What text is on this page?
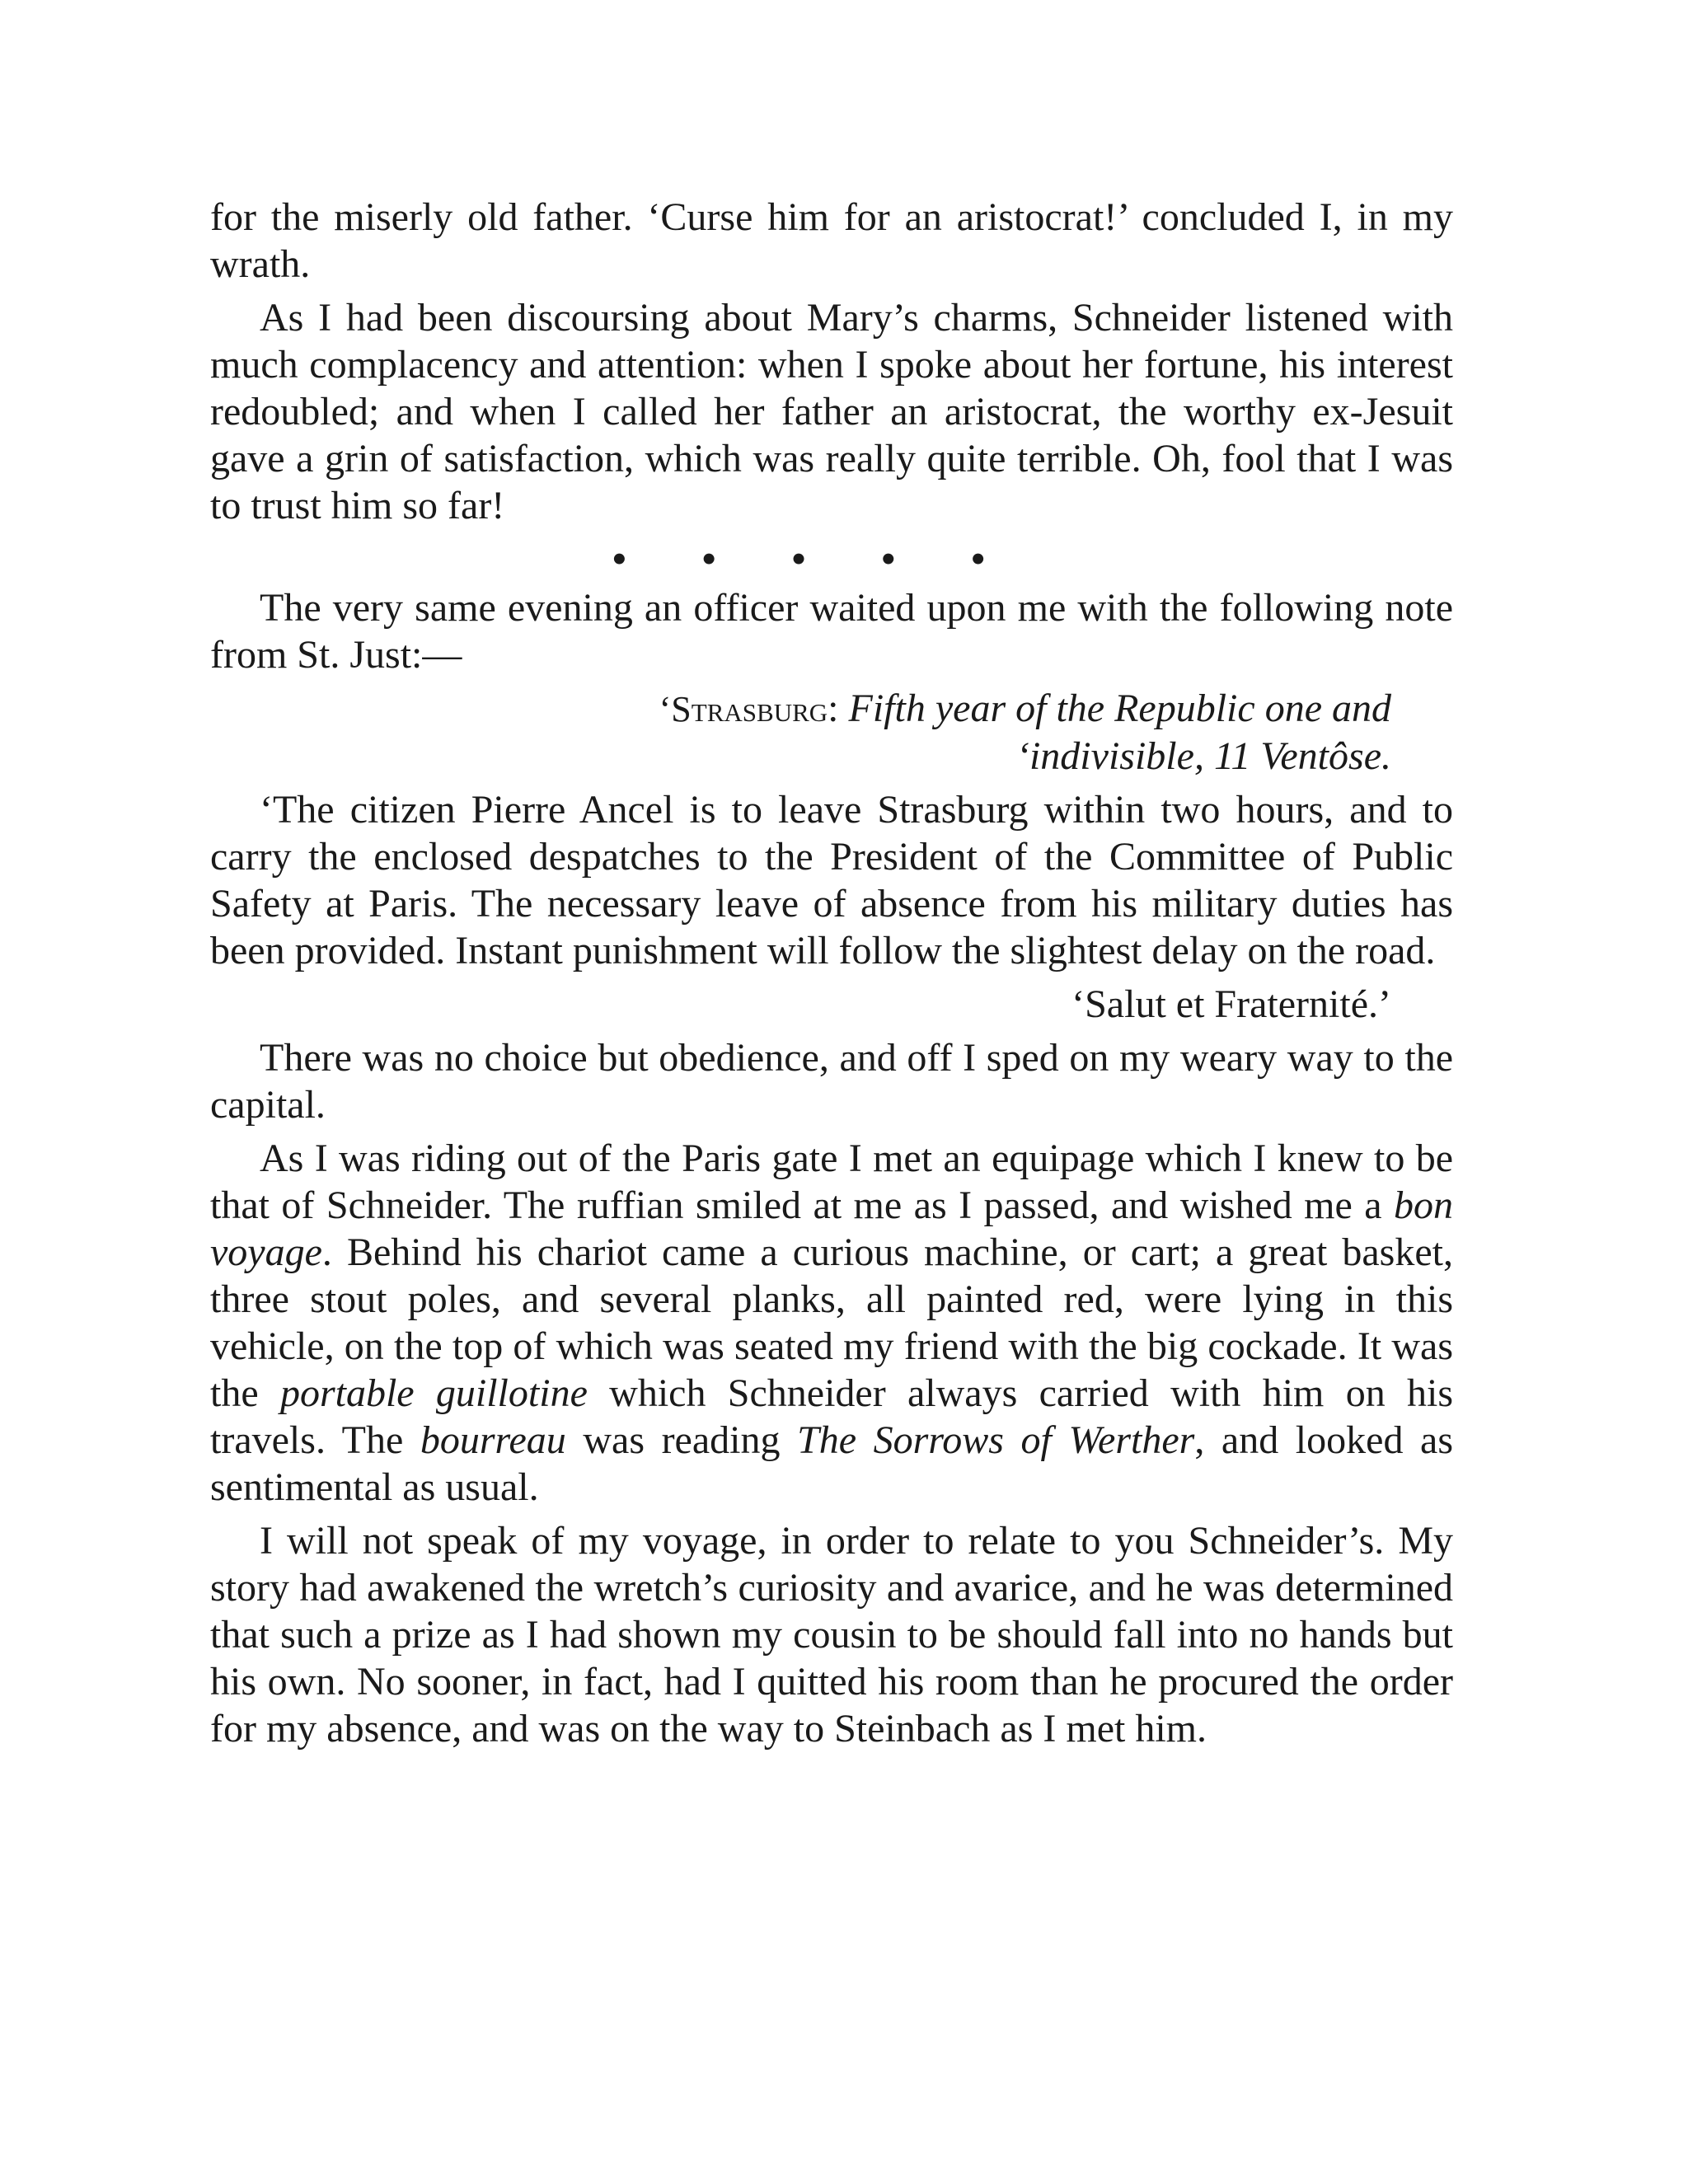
for the miserly old father. ‘Curse him for an aristocrat!’ concluded I, in my wrath.

As I had been discoursing about Mary’s charms, Schneider listened with much complacency and attention: when I spoke about her fortune, his interest redoubled; and when I called her father an aristocrat, the worthy ex-Jesuit gave a grin of satisfaction, which was really quite terrible. Oh, fool that I was to trust him so far!

• • • • •

The very same evening an officer waited upon me with the following note from St. Just:—

‘Strasburg: Fifth year of the Republic one and
‘indivisible, 11 Ventôse.

‘The citizen Pierre Ancel is to leave Strasburg within two hours, and to carry the enclosed despatches to the President of the Committee of Public Safety at Paris. The necessary leave of absence from his military duties has been provided. Instant punishment will follow the slightest delay on the road.

‘Salut et Fraternité.’

There was no choice but obedience, and off I sped on my weary way to the capital.

As I was riding out of the Paris gate I met an equipage which I knew to be that of Schneider. The ruffian smiled at me as I passed, and wished me a bon voyage. Behind his chariot came a curious machine, or cart; a great basket, three stout poles, and several planks, all painted red, were lying in this vehicle, on the top of which was seated my friend with the big cockade. It was the portable guillotine which Schneider always carried with him on his travels. The bourreau was reading The Sorrows of Werther, and looked as sentimental as usual.

I will not speak of my voyage, in order to relate to you Schneider’s. My story had awakened the wretch’s curiosity and avarice, and he was determined that such a prize as I had shown my cousin to be should fall into no hands but his own. No sooner, in fact, had I quitted his room than he procured the order for my absence, and was on the way to Steinbach as I met him.
